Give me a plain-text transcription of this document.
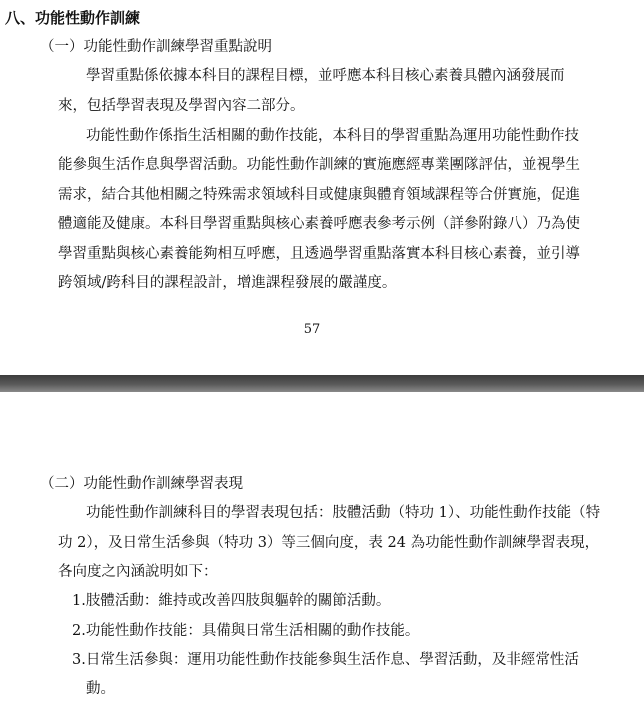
八、功能性動作訓練
（一）功能性動作訓練學習重點說明
學習重點係依據本科目的課程目標，並呼應本科目核心素養具體內涵發展而
來，包括學習表現及學習內容二部分。
功能性動作係指生活相關的動作技能，本科目的學習重點為運用功能性動作技
能參與生活作息與學習活動。功能性動作訓練的實施應經專業團隊評估，並視學生
需求，結合其他相關之特殊需求領域科目或健康與體育領域課程等合併實施，促進
體適能及健康。本科目學習重點與核心素養呼應表參考示例（詳參附錄八）乃為使
學習重點與核心素養能夠相互呼應，且透過學習重點落實本科目核心素養，並引導
跨領域/跨科目的課程設計，增進課程發展的嚴謹度。
57
（二）功能性動作訓練學習表現
功能性動作訓練科目的學習表現包括：肢體活動（特功 1）、功能性動作技能（特
功 2），及日常生活參與（特功 3）等三個向度，表 24 為功能性動作訓練學習表現，
各向度之內涵說明如下：
1.肢體活動：維持或改善四肢與軀幹的關節活動。
2.功能性動作技能：具備與日常生活相關的動作技能。
3.日常生活參與：運用功能性動作技能參與生活作息、學習活動，及非經常性活
動。
